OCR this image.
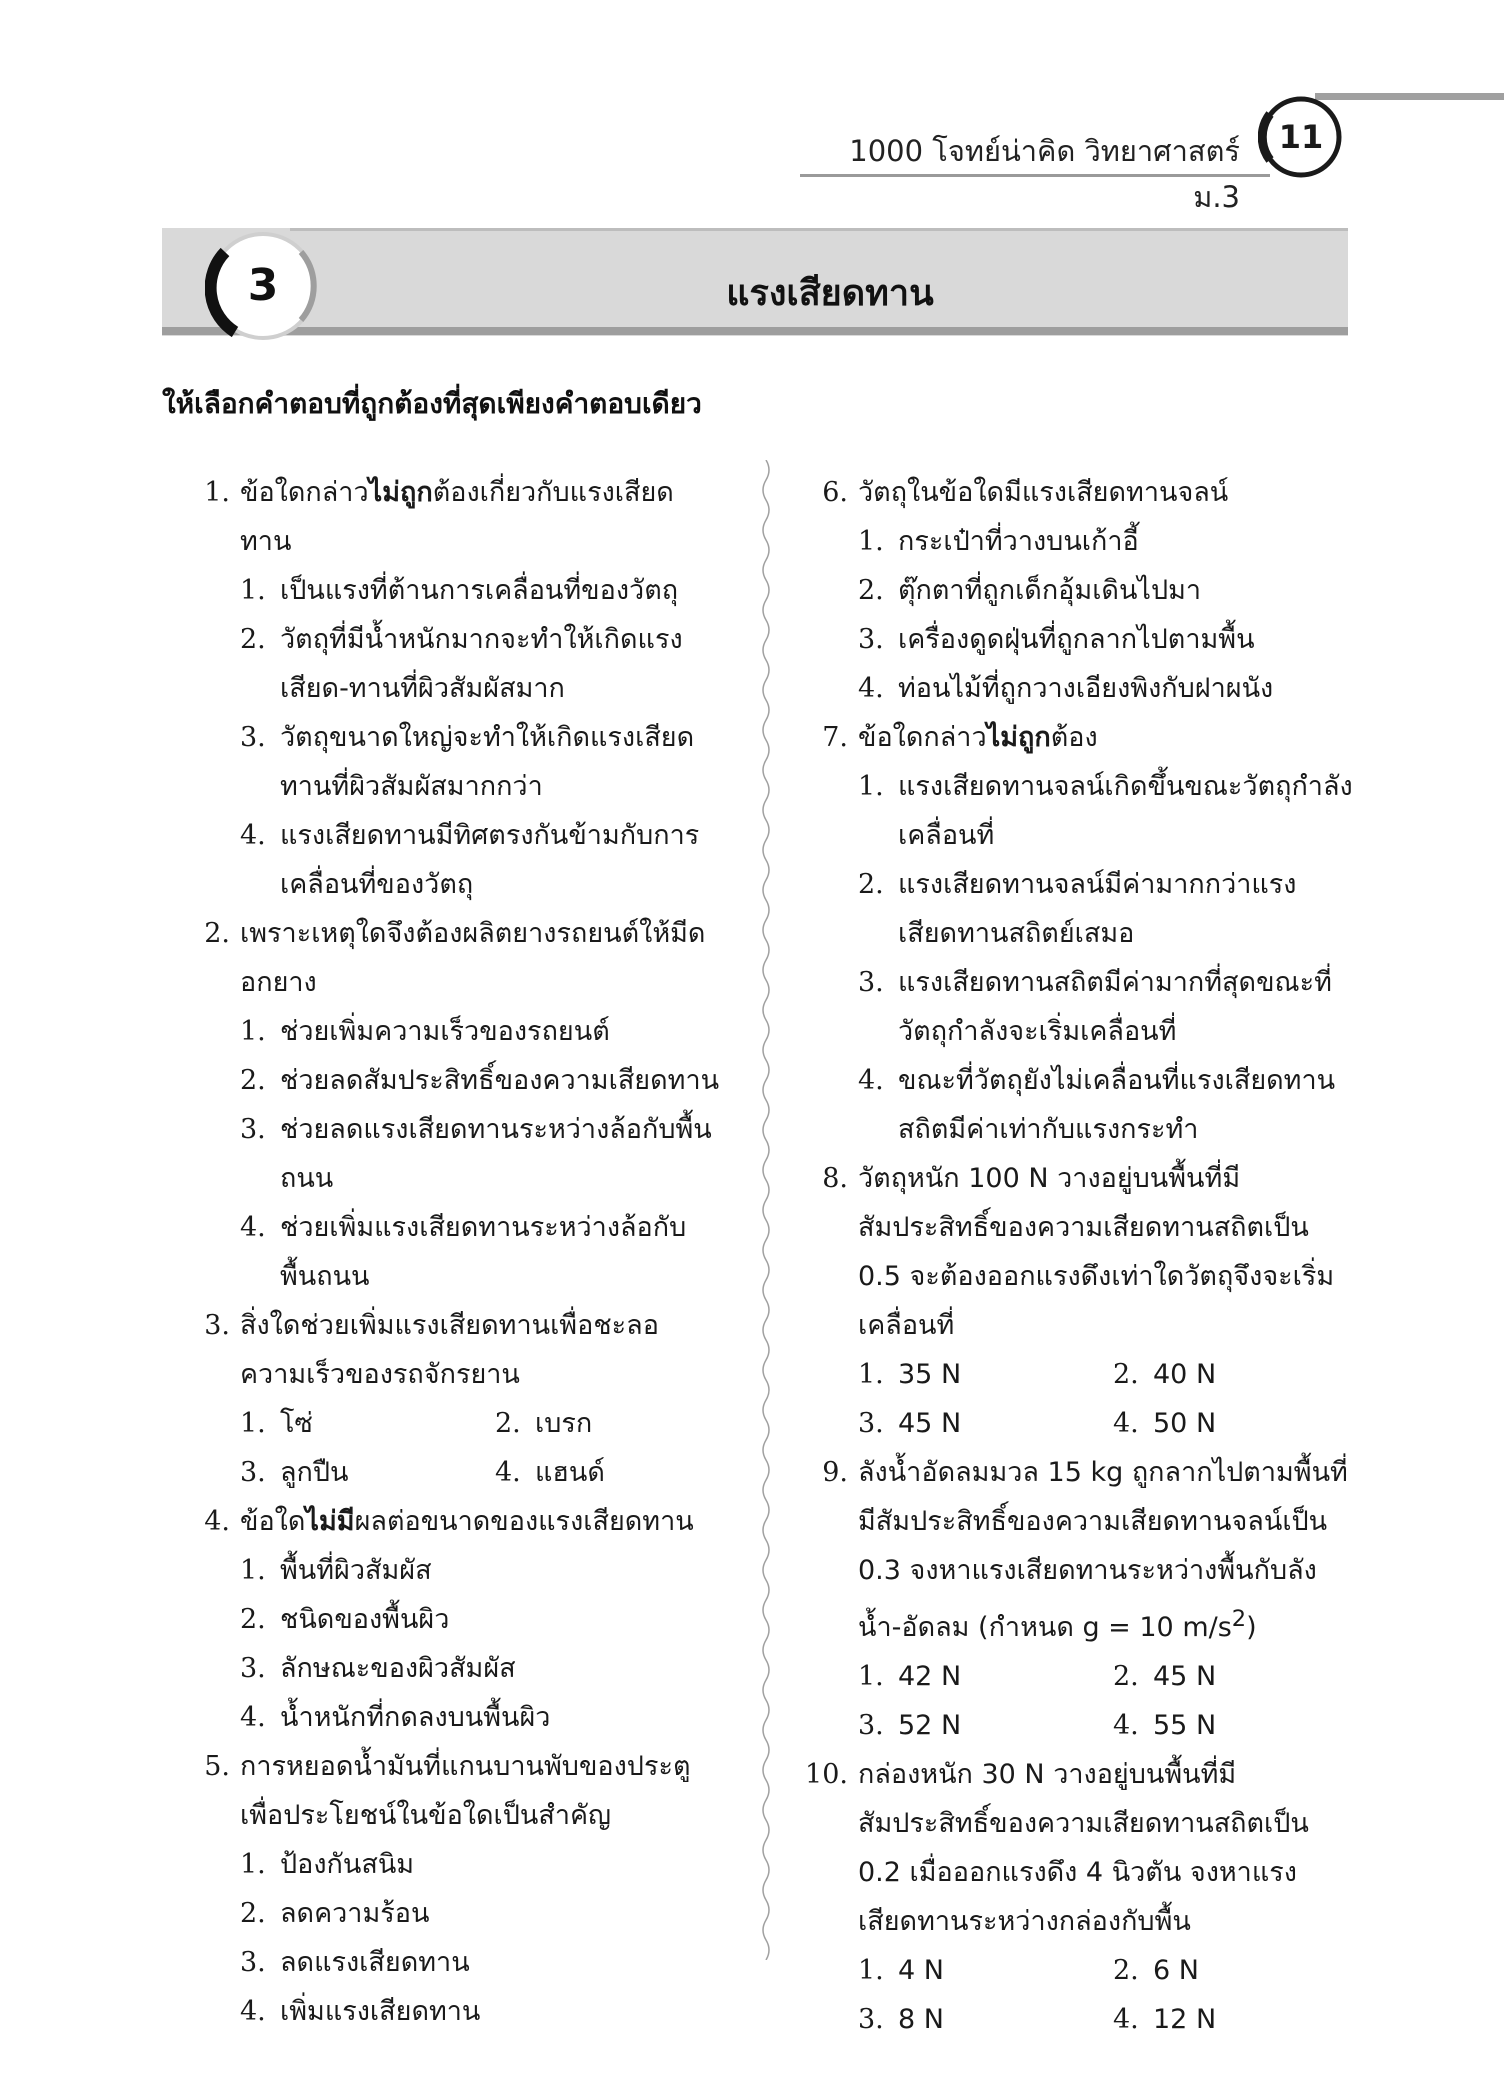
1000 โจทย์น่าคิด วิทยาศาสตร์ ม.3
11
3	แรงเสียดทาน
ให้เลือกคำตอบที่ถูกต้องที่สุดเพียงคำตอบเดียว
1. ข้อใดกล่าวไม่ถูกต้องเกี่ยวกับแรงเสียดทาน
1. เป็นแรงที่ต้านการเคลื่อนที่ของวัตถุ
2. วัตถุที่มีน้ำหนักมากจะทำให้เกิดแรงเสียด-ทานที่ผิวสัมผัสมาก
3. วัตถุขนาดใหญ่จะทำให้เกิดแรงเสียดทานที่ผิวสัมผัสมากกว่า
4. แรงเสียดทานมีทิศตรงกันข้ามกับการเคลื่อนที่ของวัตถุ
2. เพราะเหตุใดจึงต้องผลิตยางรถยนต์ให้มีดอกยาง
1. ช่วยเพิ่มความเร็วของรถยนต์
2. ช่วยลดสัมประสิทธิ์ของความเสียดทาน
3. ช่วยลดแรงเสียดทานระหว่างล้อกับพื้นถนน
4. ช่วยเพิ่มแรงเสียดทานระหว่างล้อกับพื้นถนน
3. สิ่งใดช่วยเพิ่มแรงเสียดทานเพื่อชะลอความเร็วของรถจักรยาน
1. โซ่	2. เบรก
3. ลูกปืน	4. แฮนด์
4. ข้อใดไม่มีผลต่อขนาดของแรงเสียดทาน
1. พื้นที่ผิวสัมผัส
2. ชนิดของพื้นผิว
3. ลักษณะของผิวสัมผัส
4. น้ำหนักที่กดลงบนพื้นผิว
5. การหยอดน้ำมันที่แกนบานพับของประตูเพื่อประโยชน์ในข้อใดเป็นสำคัญ
1. ป้องกันสนิม
2. ลดความร้อน
3. ลดแรงเสียดทาน
4. เพิ่มแรงเสียดทาน
6. วัตถุในข้อใดมีแรงเสียดทานจลน์
1. กระเป๋าที่วางบนเก้าอี้
2. ตุ๊กตาที่ถูกเด็กอุ้มเดินไปมา
3. เครื่องดูดฝุ่นที่ถูกลากไปตามพื้น
4. ท่อนไม้ที่ถูกวางเอียงพิงกับฝาผนัง
7. ข้อใดกล่าวไม่ถูกต้อง
1. แรงเสียดทานจลน์เกิดขึ้นขณะวัตถุกำลังเคลื่อนที่
2. แรงเสียดทานจลน์มีค่ามากกว่าแรงเสียดทานสถิตย์เสมอ
3. แรงเสียดทานสถิตมีค่ามากที่สุดขณะที่วัตถุกำลังจะเริ่มเคลื่อนที่
4. ขณะที่วัตถุยังไม่เคลื่อนที่แรงเสียดทานสถิตมีค่าเท่ากับแรงกระทำ
8. วัตถุหนัก 100 N วางอยู่บนพื้นที่มีสัมประสิทธิ์ของความเสียดทานสถิตเป็น 0.5 จะต้องออกแรงดึงเท่าใดวัตถุจึงจะเริ่มเคลื่อนที่
1. 35 N	2. 40 N
3. 45 N	4. 50 N
9. ลังน้ำอัดลมมวล 15 kg ถูกลากไปตามพื้นที่มีสัมประสิทธิ์ของความเสียดทานจลน์เป็น 0.3 จงหาแรงเสียดทานระหว่างพื้นกับลังน้ำ-อัดลม (กำหนด g = 10 $m/s^2$)
1. 42 N	2. 45 N
3. 52 N	4. 55 N
10. กล่องหนัก 30 N วางอยู่บนพื้นที่มีสัมประสิทธิ์ของความเสียดทานสถิตเป็น 0.2 เมื่อออกแรงดึง 4 นิวตัน จงหาแรงเสียดทานระหว่างกล่องกับพื้น
1. 4 N	2. 6 N
3. 8 N	4. 12 N
